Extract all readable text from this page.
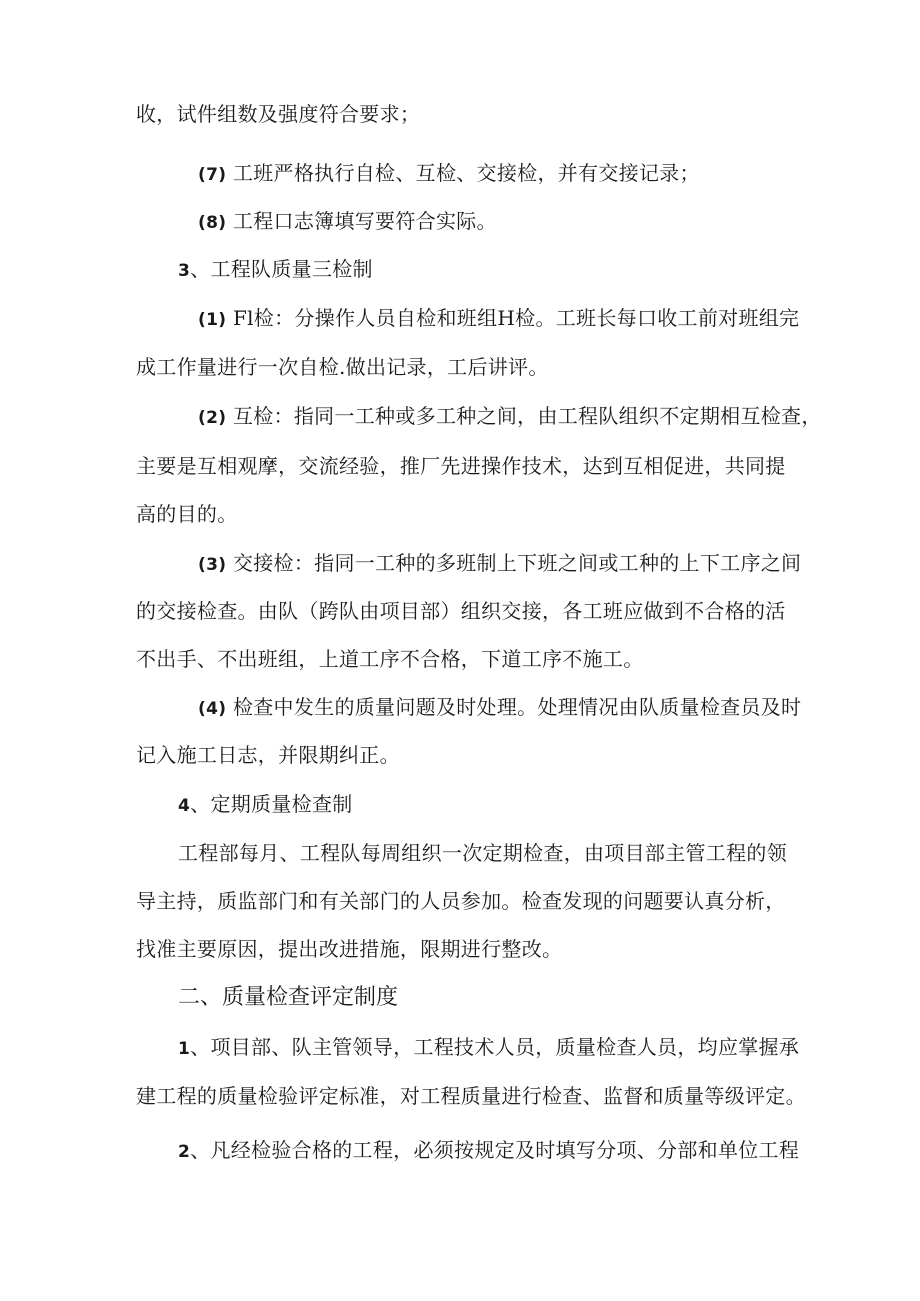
收，试件组数及强度符合要求；
(7) 工班严格执行自检、互检、交接检，并有交接记录；
(8) 工程口志簿填写要符合实际。
3、工程队质量三检制
(1) Fl检：分操作人员自检和班组H检。工班长每口收工前对班组完
成工作量进行一次自检.做出记录，工后讲评。
(2) 互检：指同一工种或多工种之间，由工程队组织不定期相互检查，
主要是互相观摩，交流经验，推厂先进操作技术，达到互相促进，共同提
高的目的。
(3) 交接检：指同一工种的多班制上下班之间或工种的上下工序之间
的交接检查。由队（跨队由项目部）组织交接，各工班应做到不合格的活
不出手、不出班组，上道工序不合格，下道工序不施工。
(4) 检查中发生的质量问题及时处理。处理情况由队质量检查员及时
记入施工日志，并限期纠正。
4、定期质量检查制
工程部每月、工程队每周组织一次定期检查，由项目部主管工程的领
导主持，质监部门和有关部门的人员参加。检查发现的问题要认真分析，
找准主要原因，提出改进措施，限期进行整改。
二、质量检查评定制度
1、项目部、队主管领导，工程技术人员，质量检查人员，均应掌握承
建工程的质量检验评定标准，对工程质量进行检查、监督和质量等级评定。
2、凡经检验合格的工程，必须按规定及时填写分项、分部和单位工程
